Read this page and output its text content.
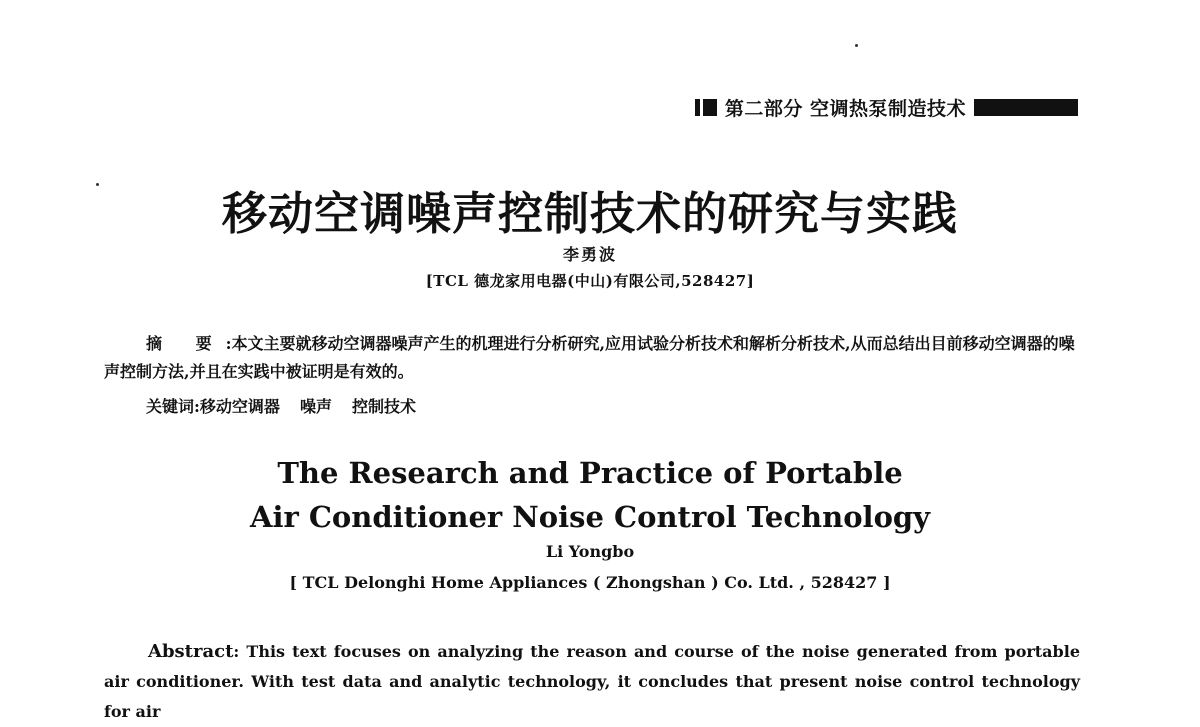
第二部分 空调热泵制造技术
移动空调噪声控制技术的研究与实践
李勇波
[TCL 德龙家用电器(中山)有限公司,528427]
摘 要:本文主要就移动空调器噪声产生的机理进行分析研究,应用试验分析技术和解析分析技术,从而总结出目前移动空调器的噪声控制方法,并且在实践中被证明是有效的。
关键词:移动空调器 噪声 控制技术
The Research and Practice of Portable
Air Conditioner Noise Control Technology
Li Yongbo
[ TCL Delonghi Home Appliances ( Zhongshan ) Co. Ltd. , 528427 ]
Abstract: This text focuses on analyzing the reason and course of the noise generated from portable air conditioner. With test data and analytic technology, it concludes that present noise control technology for air
